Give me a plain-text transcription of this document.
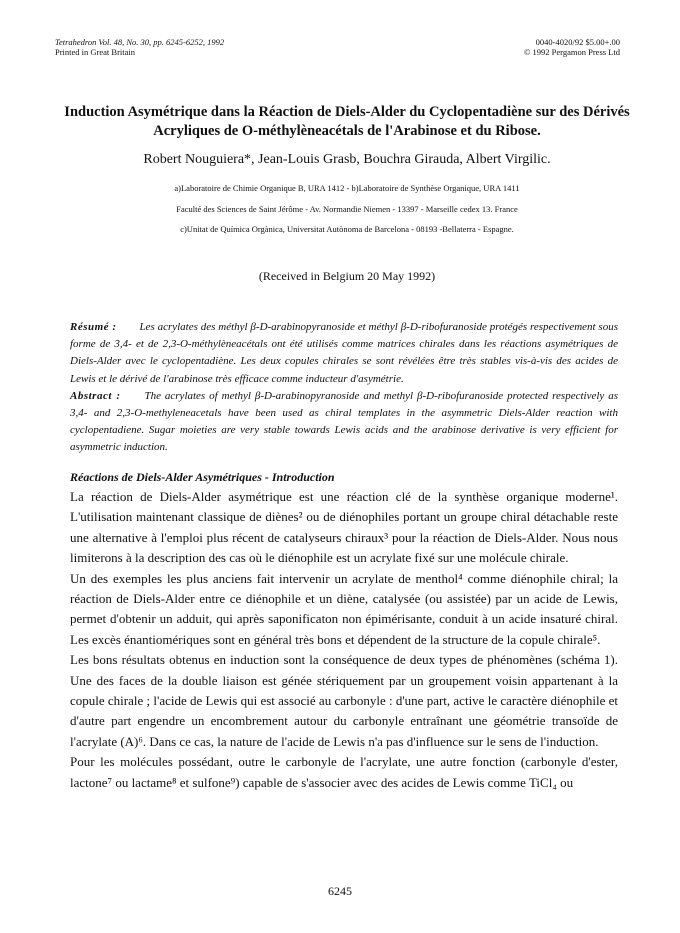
Tetrahedron Vol. 48, No. 30, pp. 6245-6252, 1992
Printed in Great Britain
0040-4020/92 $5.00+.00
© 1992 Pergamon Press Ltd
Induction Asymétrique dans la Réaction de Diels-Alder du Cyclopentadiène sur des Dérivés Acryliques de O-méthylèneacétals de l'Arabinose et du Ribose.
Robert Nouguiera*, Jean-Louis Grasb, Bouchra Girauda, Albert Virgilic.
a)Laboratoire de Chimie Organique B, URA 1412 - b)Laboratoire de Synthèse Organique, URA 1411
Faculté des Sciences de Saint Jérôme - Av. Normandie Niemen - 13397 - Marseille cedex 13. France
c)Unitat de Química Orgànica, Universitat Autònoma de Barcelona - 08193 -Bellaterra - Espagne.
(Received in Belgium 20 May 1992)
Résumé : Les acrylates des méthyl β-D-arabinopyranoside et méthyl β-D-ribofuranoside protégés respectivement sous forme de 3,4- et de 2,3-O-méthylèneacétals ont été utilisés comme matrices chirales dans les réactions asymétriques de Diels-Alder avec le cyclopentadiène. Les deux copules chirales se sont révélées être très stables vis-à-vis des acides de Lewis et le dérivé de l'arabinose très efficace comme inducteur d'asymétrie.
Abstract : The acrylates of methyl β-D-arabinopyranoside and methyl β-D-ribofuranoside protected respectively as 3,4- and 2,3-O-methyleneacetals have been used as chiral templates in the asymmetric Diels-Alder reaction with cyclopentadiene. Sugar moieties are very stable towards Lewis acids and the arabinose derivative is very efficient for asymmetric induction.
Réactions de Diels-Alder Asymétriques - Introduction

La réaction de Diels-Alder asymétrique est une réaction clé de la synthèse organique moderne¹. L'utilisation maintenant classique de diènes² ou de diénophiles portant un groupe chiral détachable reste une alternative à l'emploi plus récent de catalyseurs chiraux³ pour la réaction de Diels-Alder. Nous nous limiterons à la description des cas où le diénophile est un acrylate fixé sur une molécule chirale.

Un des exemples les plus anciens fait intervenir un acrylate de menthol⁴ comme diénophile chiral; la réaction de Diels-Alder entre ce diénophile et un diène, catalysée (ou assistée) par un acide de Lewis, permet d'obtenir un adduit, qui après saponificaton non épimérisante, conduit à un acide insaturé chiral. Les excès énantiomériques sont en général très bons et dépendent de la structure de la copule chirale⁵.

Les bons résultats obtenus en induction sont la conséquence de deux types de phénomènes (schéma 1). Une des faces de la double liaison est génée stériquement par un groupement voisin appartenant à la copule chirale ; l'acide de Lewis qui est associé au carbonyle : d'une part, active le caractère diénophile et d'autre part engendre un encombrement autour du carbonyle entraînant une géométrie transoïde de l'acrylate (A)⁶. Dans ce cas, la nature de l'acide de Lewis n'a pas d'influence sur le sens de l'induction.

Pour les molécules possédant, outre le carbonyle de l'acrylate, une autre fonction (carbonyle d'ester, lactone⁷ ou lactame⁸ et sulfone⁹) capable de s'associer avec des acides de Lewis comme TiCl₄ ou

6245
